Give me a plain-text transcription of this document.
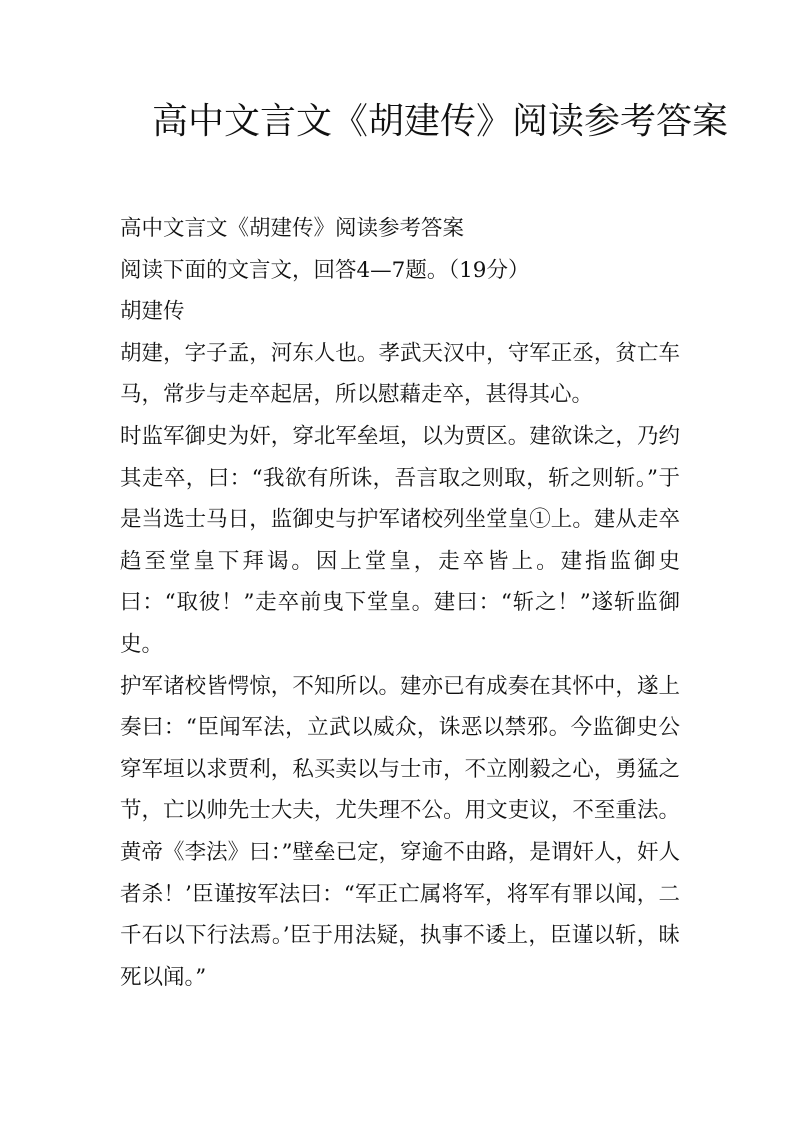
高中文言文《胡建传》阅读参考答案

高中文言文《胡建传》阅读参考答案

阅读下面的文言文，回答4—7题。（19分）

胡建传

胡建，字子孟，河东人也。孝武天汉中，守军正丞，贫亡车马，常步与走卒起居，所以慰藉走卒，甚得其心。

时监军御史为奸，穿北军垒垣，以为贾区。建欲诛之，乃约其走卒，曰：“我欲有所诛，吾言取之则取，斩之则斩。”于是当选士马日，监御史与护军诸校列坐堂皇①上。建从走卒趋至堂皇下拜谒。因上堂皇，走卒皆上。建指监御史曰：“取彼！”走卒前曳下堂皇。建曰：“斩之！”遂斩监御史。

护军诸校皆愕惊，不知所以。建亦已有成奏在其怀中，遂上奏曰：“臣闻军法，立武以威众，诛恶以禁邪。今监御史公穿军垣以求贾利，私买卖以与士市，不立刚毅之心，勇猛之节，亡以帅先士大夫，尤失理不公。用文吏议，不至重法。黄帝《李法》曰：”壁垒已定，穿逾不由路，是谓奸人，奸人者杀！’臣谨按军法曰：“军正亡属将军，将军有罪以闻，二千石以下行法焉。’臣于用法疑，执事不诿上，臣谨以斩，昧死以闻。”
